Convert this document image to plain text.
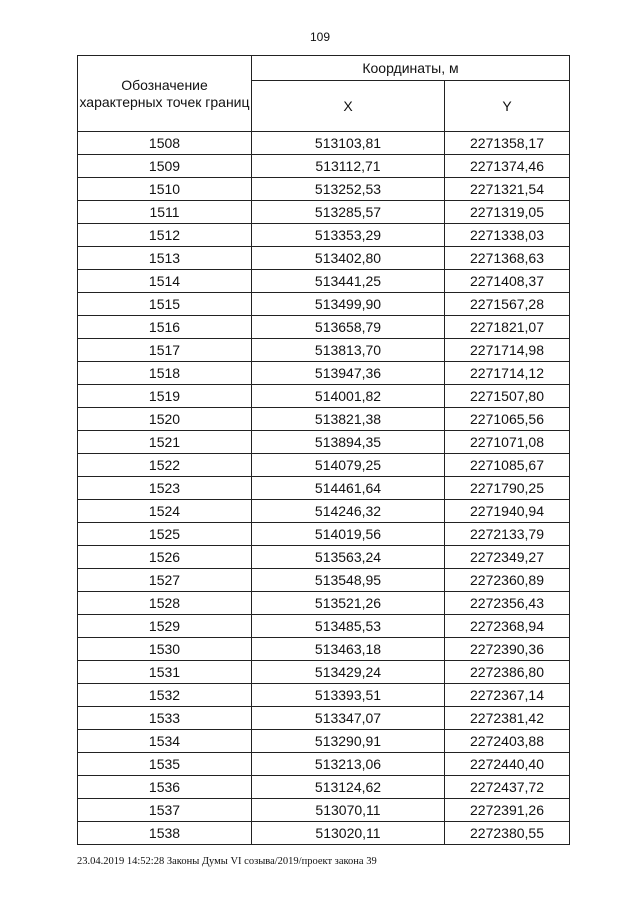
109
Обозначение характерных точек границ	Координаты, м	
	X	Y
1508	513103,81	2271358,17
1509	513112,71	2271374,46
1510	513252,53	2271321,54
1511	513285,57	2271319,05
1512	513353,29	2271338,03
1513	513402,80	2271368,63
1514	513441,25	2271408,37
1515	513499,90	2271567,28
1516	513658,79	2271821,07
1517	513813,70	2271714,98
1518	513947,36	2271714,12
1519	514001,82	2271507,80
1520	513821,38	2271065,56
1521	513894,35	2271071,08
1522	514079,25	2271085,67
1523	514461,64	2271790,25
1524	514246,32	2271940,94
1525	514019,56	2272133,79
1526	513563,24	2272349,27
1527	513548,95	2272360,89
1528	513521,26	2272356,43
1529	513485,53	2272368,94
1530	513463,18	2272390,36
1531	513429,24	2272386,80
1532	513393,51	2272367,14
1533	513347,07	2272381,42
1534	513290,91	2272403,88
1535	513213,06	2272440,40
1536	513124,62	2272437,72
1537	513070,11	2272391,26
1538	513020,11	2272380,55
23.04.2019 14:52:28 Законы Думы VI созыва/2019/проект закона 39
